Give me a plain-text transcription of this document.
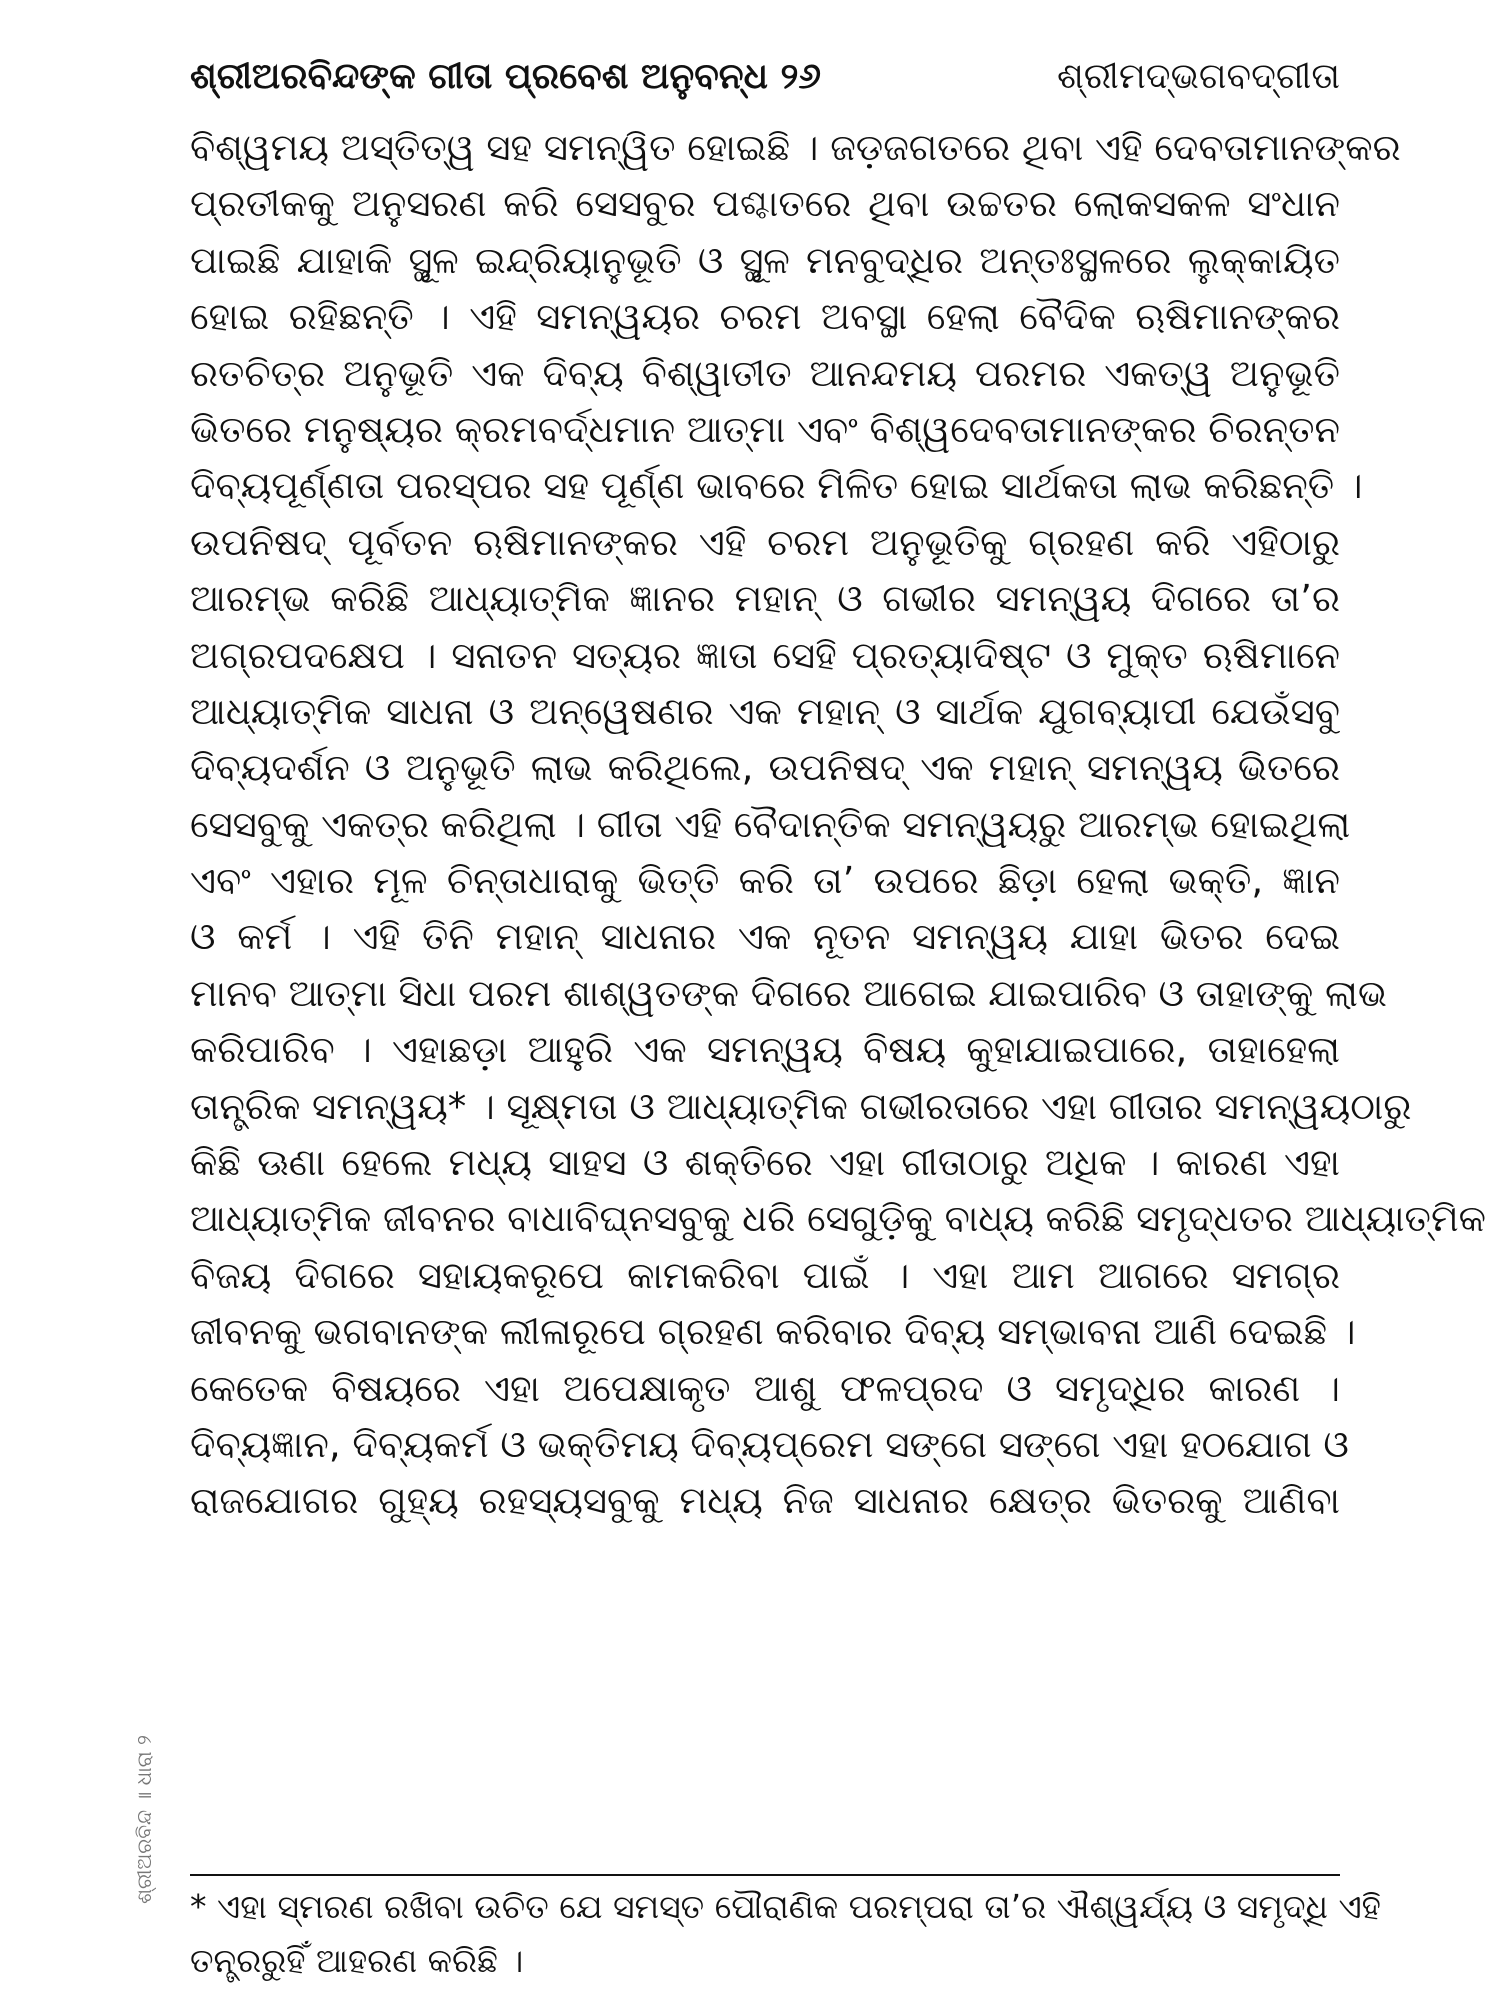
ଶ୍ରୀଅରବିନ୍ଦଙ୍କ ଗୀତା ପ୍ରବେଶ ଅନୁବନ୍ଧ ୨୬	ଶ୍ରୀମଦ୍‌ଭଗବଦ୍‌ଗୀତା
ବିଶ୍ୱମୟ ଅସ୍ତିତ୍ୱ ସହ ସମନ୍ୱିତ ହୋଇଛି । ଜଡ଼ଜଗତରେ ଥିବା ଏହି ଦେବତାମାନଙ୍କର
ପ୍ରତୀକକୁ ଅନୁସରଣ କରି ସେସବୁର ପଶ୍ଚାତରେ ଥିବା ଉଚ୍ଚତର ଲୋକସକଳ ସଂଧାନ
ପାଇଛି ଯାହାକି ସ୍ଥୂଳ ଇନ୍ଦ୍ରିୟାନୁଭୂତି ଓ ସ୍ଥୂଳ ମନବୁଦ୍ଧିର ଅନ୍ତଃସ୍ଥଳରେ ଲୁକ୍କାୟିତ
ହୋଇ ରହିଛନ୍ତି । ଏହି ସମନ୍ୱୟର ଚରମ ଅବସ୍ଥା ହେଲା ବୈଦିକ ଋଷିମାନଙ୍କର
ରତଚିତ୍‌ର ଅନୁଭୂତି ଏକ ଦିବ୍ୟ ବିଶ୍ୱାତୀତ ଆନନ୍ଦମୟ ପରମର ଏକତ୍ୱ ଅନୁଭୂତି
ଭିତରେ ମନୁଷ୍ୟର କ୍ରମବର୍ଦ୍ଧମାନ ଆତ୍ମା ଏବଂ ବିଶ୍ୱଦେବତାମାନଙ୍କର ଚିରନ୍ତନ
ଦିବ୍ୟପୂର୍ଣ୍ଣତା ପରସ୍ପର ସହ ପୂର୍ଣ୍ଣ ଭାବରେ ମିଳିତ ହୋଇ ସାର୍ଥକତା ଲାଭ କରିଛନ୍ତି ।
ଉପନିଷଦ୍‌ ପୂର୍ବତନ ଋଷିମାନଙ୍କର ଏହି ଚରମ ଅନୁଭୂତିକୁ ଗ୍ରହଣ କରି ଏହିଠାରୁ
ଆରମ୍ଭ କରିଛି ଆଧ୍ୟାତ୍ମିକ ଜ୍ଞାନର ମହାନ୍‌ ଓ ଗଭୀର ସମନ୍ୱୟ ଦିଗରେ ତା’ର
ଅଗ୍ରପଦକ୍ଷେପ । ସନାତନ ସତ୍ୟର ଜ୍ଞାତା ସେହି ପ୍ରତ୍ୟାଦିଷ୍ଟ ଓ ମୁକ୍ତ ଋଷିମାନେ
ଆଧ୍ୟାତ୍ମିକ ସାଧନା ଓ ଅନ୍ୱେଷଣର ଏକ ମହାନ୍‌ ଓ ସାର୍ଥକ ଯୁଗବ୍ୟାପୀ ଯେଉଁସବୁ
ଦିବ୍ୟଦର୍ଶନ ଓ ଅନୁଭୂତି ଲାଭ କରିଥିଲେ, ଉପନିଷଦ୍‌ ଏକ ମହାନ୍‌ ସମନ୍ୱୟ ଭିତରେ
ସେସବୁକୁ ଏକତ୍ର କରିଥିଲା । ଗୀତା ଏହି ବୈଦାନ୍ତିକ ସମନ୍ୱୟରୁ ଆରମ୍ଭ ହୋଇଥିଲା
ଏବଂ ଏହାର ମୂଳ ଚିନ୍ତାଧାରାକୁ ଭିତ୍ତି କରି ତା’ ଉପରେ ଛିଡ଼ା ହେଲା ଭକ୍ତି, ଜ୍ଞାନ
ଓ କର୍ମ । ଏହି ତିନି ମହାନ୍‌ ସାଧନାର ଏକ ନୂତନ ସମନ୍ୱୟ ଯାହା ଭିତର ଦେଇ
ମାନବ ଆତ୍ମା ସିଧା ପରମ ଶାଶ୍ୱତଙ୍କ ଦିଗରେ ଆଗେଇ ଯାଇପାରିବ ଓ ତାହାଙ୍କୁ ଲାଭ
କରିପାରିବ । ଏହାଛଡ଼ା ଆହୁରି ଏକ ସମନ୍ୱୟ ବିଷୟ କୁହାଯାଇପାରେ, ତାହାହେଲା
ତାନ୍ତ୍ରିକ ସମନ୍ୱୟ* । ସୂକ୍ଷ୍ମତା ଓ ଆଧ୍ୟାତ୍ମିକ ଗଭୀରତାରେ ଏହା ଗୀତାର ସମନ୍ୱୟଠାରୁ
କିଛି ଊଣା ହେଲେ ମଧ୍ୟ ସାହସ ଓ ଶକ୍ତିରେ ଏହା ଗୀତାଠାରୁ ଅଧିକ । କାରଣ ଏହା
ଆଧ୍ୟାତ୍ମିକ ଜୀବନର ବାଧାବିଘ୍ନସବୁକୁ ଧରି ସେଗୁଡ଼ିକୁ ବାଧ୍ୟ କରିଛି ସମୃଦ୍ଧତର ଆଧ୍ୟାତ୍ମିକ
ବିଜୟ ଦିଗରେ ସହାୟକରୂପେ କାମକରିବା ପାଇଁ । ଏହା ଆମ ଆଗରେ ସମଗ୍ର
ଜୀବନକୁ ଭଗବାନଙ୍କ ଲୀଳାରୂପେ ଗ୍ରହଣ କରିବାର ଦିବ୍ୟ ସମ୍ଭାବନା ଆଣି ଦେଇଛି ।
କେତେକ ବିଷୟରେ ଏହା ଅପେକ୍ଷାକୃତ ଆଶୁ ଫଳପ୍ରଦ ଓ ସମୃଦ୍ଧିର କାରଣ ।
ଦିବ୍ୟଜ୍ଞାନ, ଦିବ୍ୟକର୍ମ ଓ ଭକ୍ତିମୟ ଦିବ୍ୟପ୍ରେମ ସଙ୍ଗେ ସଙ୍ଗେ ଏହା ହଠଯୋଗ ଓ
ରାଜଯୋଗର ଗୁହ୍ୟ ରହସ୍ୟସବୁକୁ ମଧ୍ୟ ନିଜ ସାଧନାର କ୍ଷେତ୍ର ଭିତରକୁ ଆଣିବା
* ଏହା ସ୍ମରଣ ରଖିବା ଉଚିତ ଯେ ସମସ୍ତ ପୌରାଣିକ ପରମ୍ପରା ତା’ର ଐଶ୍ୱର୍ଯ୍ୟ ଓ ସମୃଦ୍ଧି ଏହି
ତନ୍ତ୍ରରୁହିଁ ଆହରଣ କରିଛି ।
ଶ୍ରୀଅରବିନ୍ଦ ॥ ଧାରା ୨
